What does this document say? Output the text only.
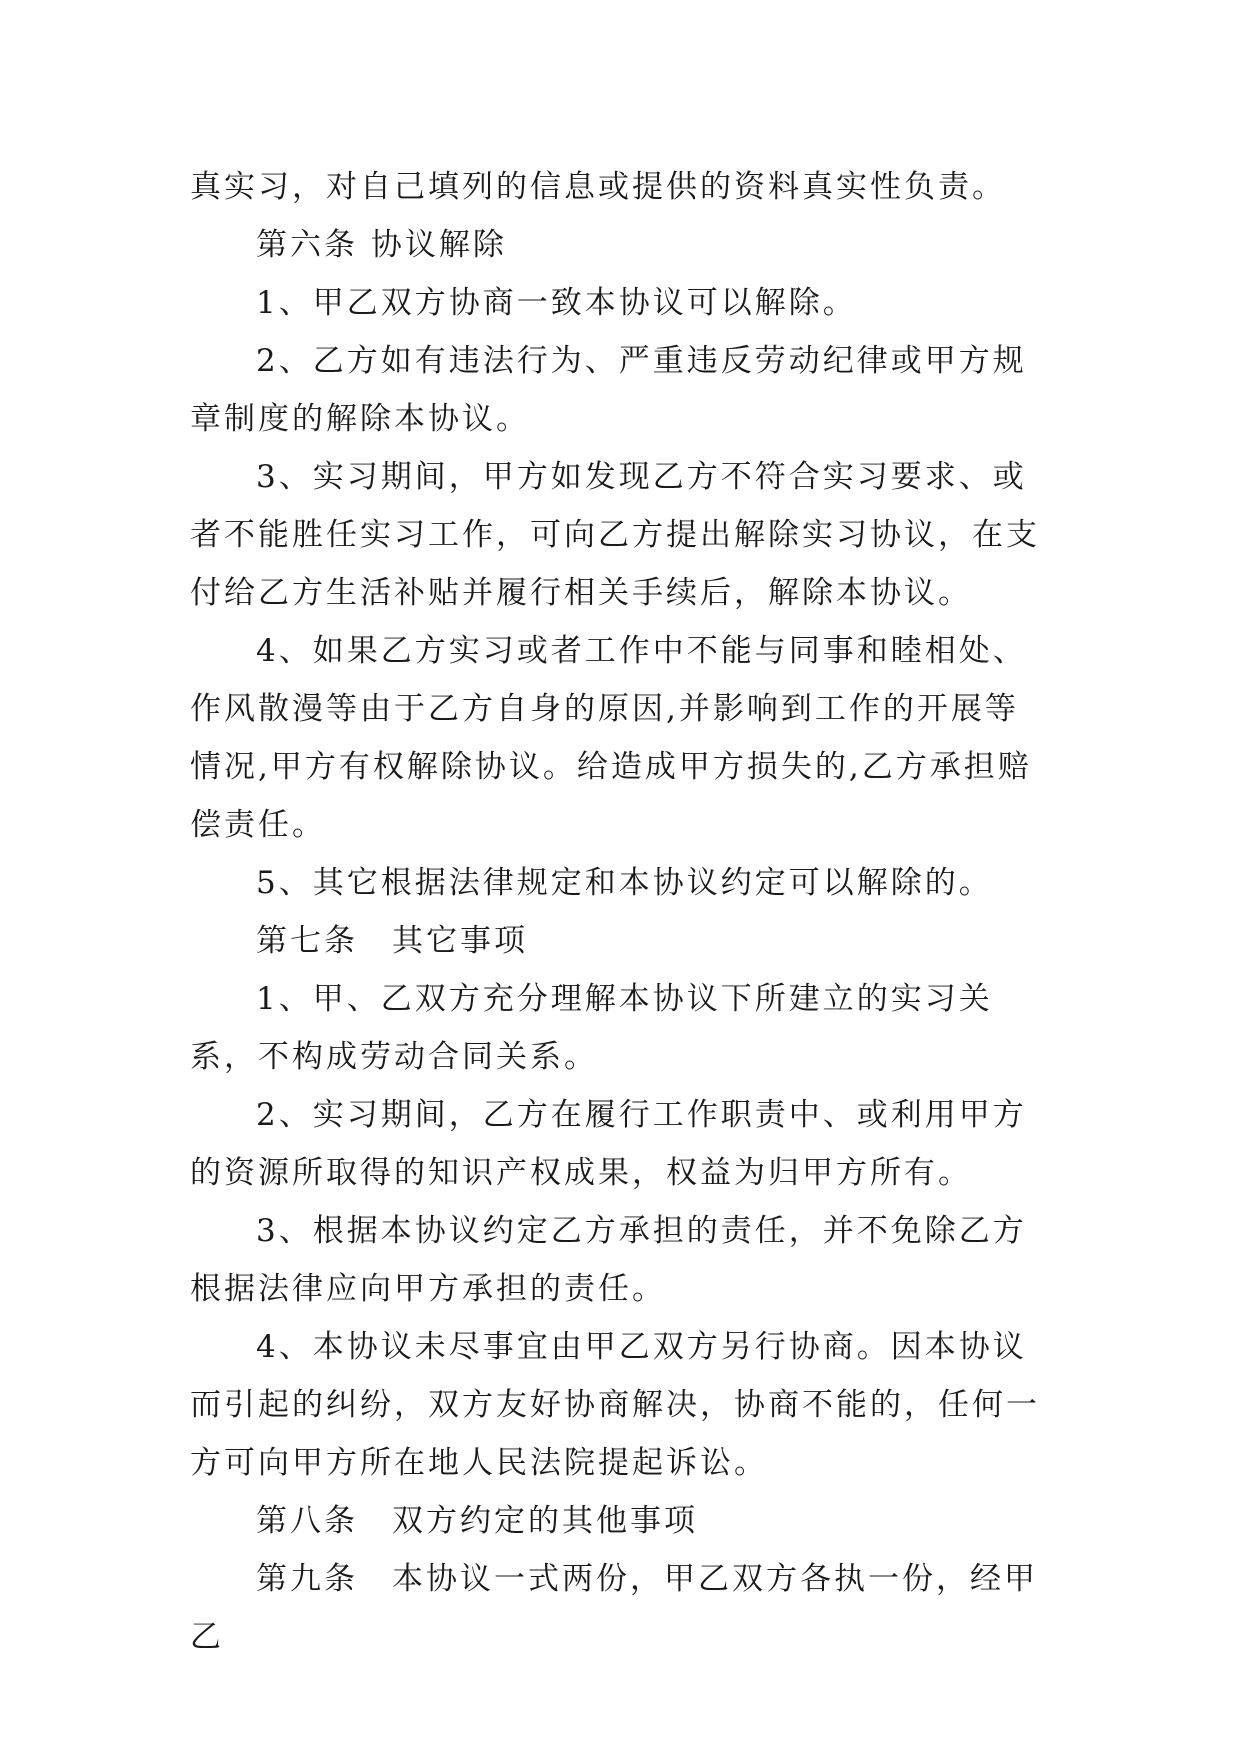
真实习，对自己填列的信息或提供的资料真实性负责。

第六条 协议解除

1、甲乙双方协商一致本协议可以解除。

2、乙方如有违法行为、严重违反劳动纪律或甲方规章制度的解除本协议。

3、实习期间，甲方如发现乙方不符合实习要求、或者不能胜任实习工作，可向乙方提出解除实习协议，在支付给乙方生活补贴并履行相关手续后，解除本协议。

4、如果乙方实习或者工作中不能与同事和睦相处、作风散漫等由于乙方自身的原因,并影响到工作的开展等情况,甲方有权解除协议。给造成甲方损失的,乙方承担赔偿责任。

5、其它根据法律规定和本协议约定可以解除的。

第七条　其它事项

1、甲、乙双方充分理解本协议下所建立的实习关系，不构成劳动合同关系。

2、实习期间，乙方在履行工作职责中、或利用甲方的资源所取得的知识产权成果，权益为归甲方所有。

3、根据本协议约定乙方承担的责任，并不免除乙方根据法律应向甲方承担的责任。

4、本协议未尽事宜由甲乙双方另行协商。因本协议而引起的纠纷，双方友好协商解决，协商不能的，任何一方可向甲方所在地人民法院提起诉讼。

第八条　双方约定的其他事项

第九条　本协议一式两份，甲乙双方各执一份，经甲乙
